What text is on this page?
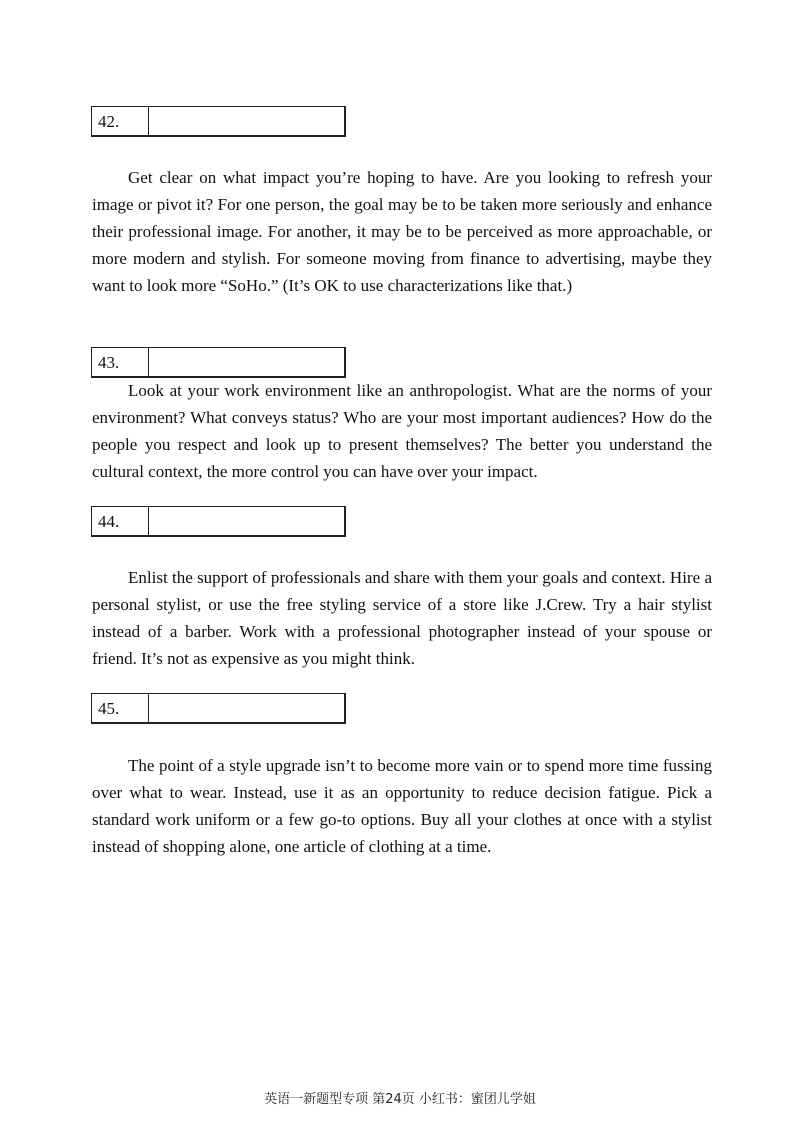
42.

Get clear on what impact you’re hoping to have. Are you looking to refresh your image or pivot it? For one person, the goal may be to be taken more seriously and enhance their professional image. For another, it may be to be perceived as more approachable, or more modern and stylish. For someone moving from finance to advertising, maybe they want to look more “SoHo.” (It’s OK to use characterizations like that.)

43.

Look at your work environment like an anthropologist. What are the norms of your environment? What conveys status? Who are your most important audiences? How do the people you respect and look up to present themselves? The better you understand the cultural context, the more control you can have over your impact.

44.

Enlist the support of professionals and share with them your goals and context. Hire a personal stylist, or use the free styling service of a store like J.Crew. Try a hair stylist instead of a barber. Work with a professional photographer instead of your spouse or friend. It’s not as expensive as you might think.

45.

The point of a style upgrade isn’t to become more vain or to spend more time fussing over what to wear. Instead, use it as an opportunity to reduce decision fatigue. Pick a standard work uniform or a few go-to options. Buy all your clothes at once with a stylist instead of shopping alone, one article of clothing at a time.

英语一新题型专项 第24页 小红书：蜜团儿学姐
